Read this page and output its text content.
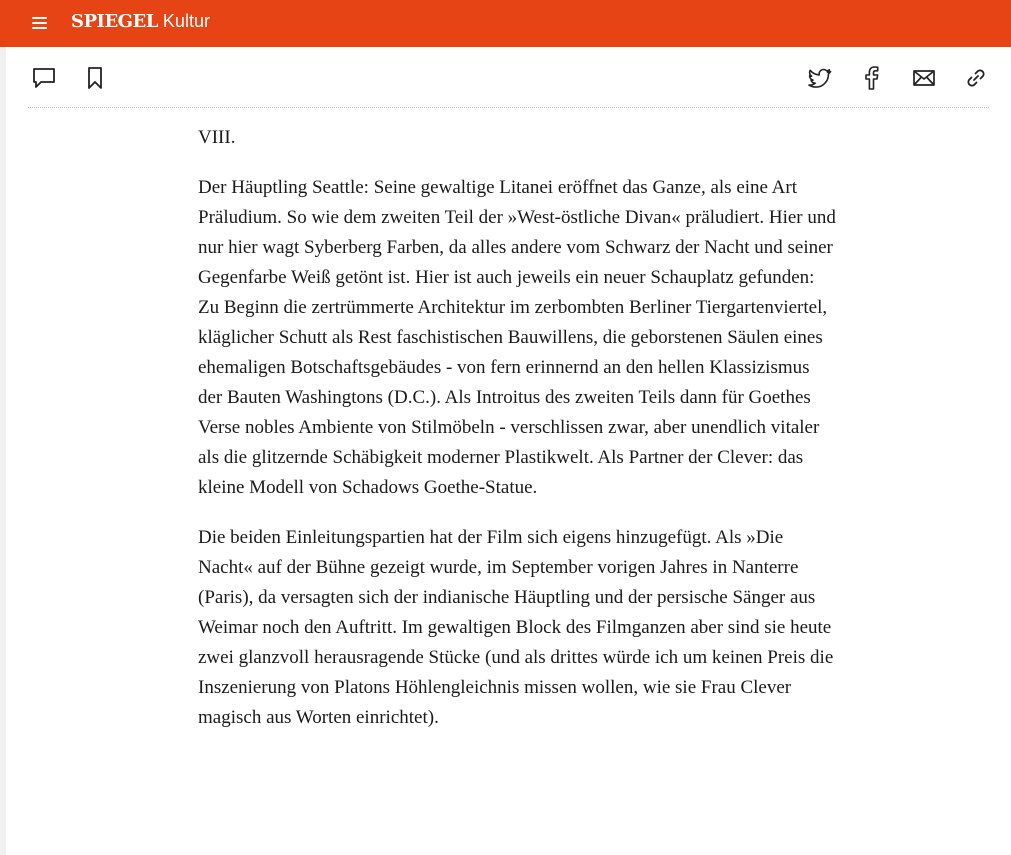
SPIEGEL Kultur

VIII.

Der Häuptling Seattle: Seine gewaltige Litanei eröffnet das Ganze, als eine Art Präludium. So wie dem zweiten Teil der »West-östliche Divan« präludiert. Hier und nur hier wagt Syberberg Farben, da alles andere vom Schwarz der Nacht und seiner Gegenfarbe Weiß getönt ist. Hier ist auch jeweils ein neuer Schauplatz gefunden: Zu Beginn die zertrümmerte Architektur im zerbombten Berliner Tiergartenviertel, kläglicher Schutt als Rest faschistischen Bauwillens, die geborstenen Säulen eines ehemaligen Botschaftsgebäudes - von fern erinnernd an den hellen Klassizismus der Bauten Washingtons (D.C.). Als Introitus des zweiten Teils dann für Goethes Verse nobles Ambiente von Stilmöbeln - verschlissen zwar, aber unendlich vitaler als die glitzernde Schäbigkeit moderner Plastikwelt. Als Partner der Clever: das kleine Modell von Schadows Goethe-Statue.

Die beiden Einleitungspartien hat der Film sich eigens hinzugefügt. Als »Die Nacht« auf der Bühne gezeigt wurde, im September vorigen Jahres in Nanterre (Paris), da versagten sich der indianische Häuptling und der persische Sänger aus Weimar noch den Auftritt. Im gewaltigen Block des Filmganzen aber sind sie heute zwei glanzvoll herausragende Stücke (und als drittes würde ich um keinen Preis die Inszenierung von Platons Höhlengleichnis missen wollen, wie sie Frau Clever magisch aus Worten einrichtet).
